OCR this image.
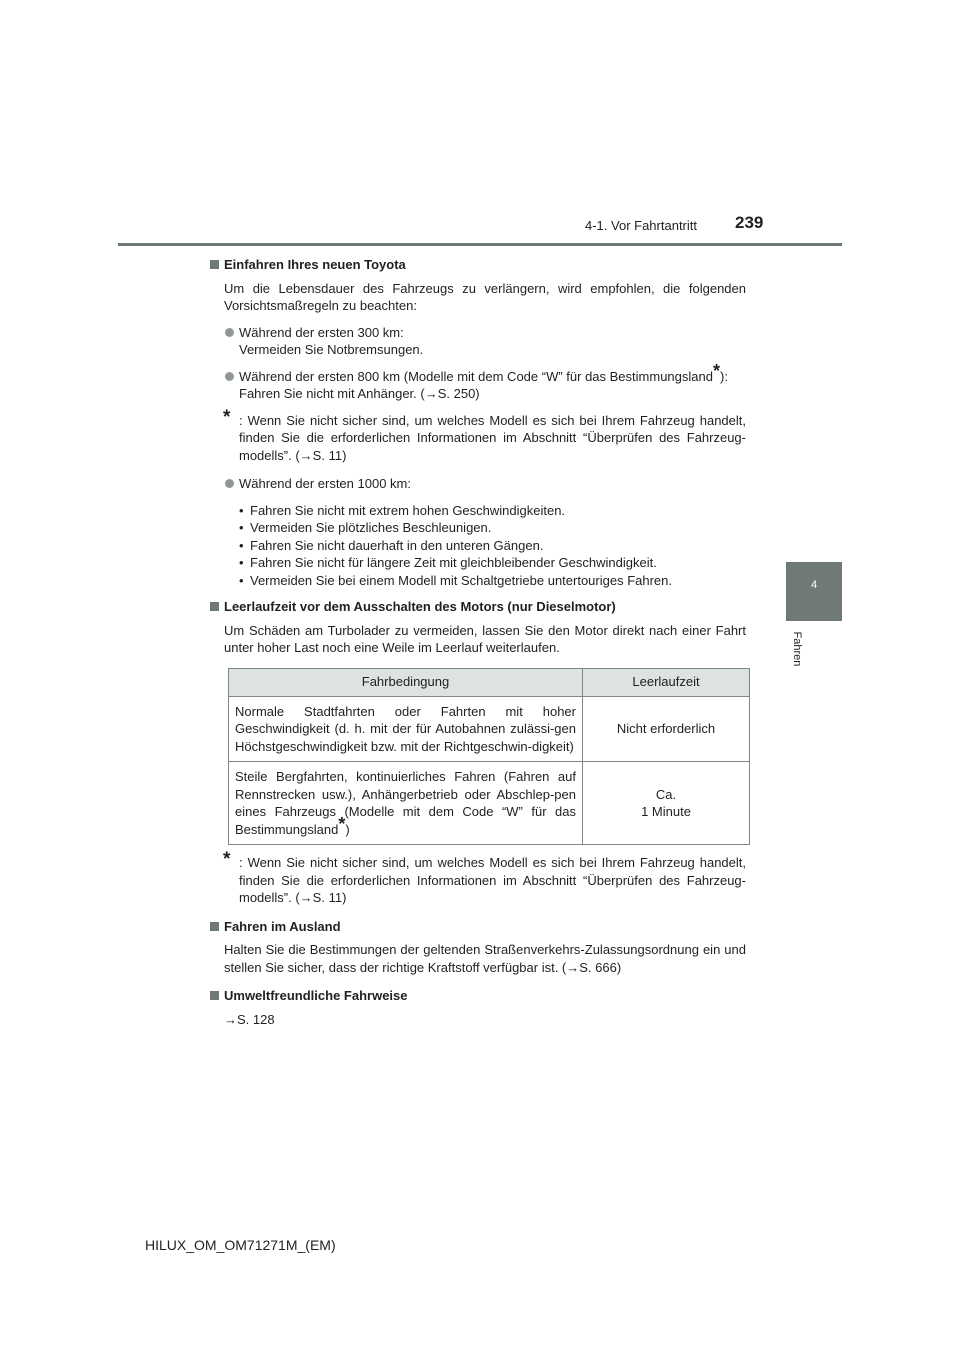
4-1. Vor Fahrtantritt 239
4
Fahren
Einfahren Ihres neuen Toyota
Um die Lebensdauer des Fahrzeugs zu verlängern, wird empfohlen, die folgenden Vorsichtsmaßregeln zu beachten:
Während der ersten 300 km:
Vermeiden Sie Notbremsungen.
Während der ersten 800 km (Modelle mit dem Code “W” für das Bestimmungsland*):
Fahren Sie nicht mit Anhänger. (→S. 250)
* : Wenn Sie nicht sicher sind, um welches Modell es sich bei Ihrem Fahrzeug handelt, finden Sie die erforderlichen Informationen im Abschnitt “Überprüfen des Fahrzeug-modells”. (→S. 11)
Während der ersten 1000 km:
• Fahren Sie nicht mit extrem hohen Geschwindigkeiten.
• Vermeiden Sie plötzliches Beschleunigen.
• Fahren Sie nicht dauerhaft in den unteren Gängen.
• Fahren Sie nicht für längere Zeit mit gleichbleibender Geschwindigkeit.
• Vermeiden Sie bei einem Modell mit Schaltgetriebe untertouriges Fahren.
Leerlaufzeit vor dem Ausschalten des Motors (nur Dieselmotor)
Um Schäden am Turbolader zu vermeiden, lassen Sie den Motor direkt nach einer Fahrt unter hoher Last noch eine Weile im Leerlauf weiterlaufen.
Fahrbedingung	Leerlaufzeit
Normale Stadtfahrten oder Fahrten mit hoher Geschwindigkeit (d. h. mit der für Autobahnen zulässi-gen Höchstgeschwindigkeit bzw. mit der Richtgeschwin-digkeit)	Nicht erforderlich
Steile Bergfahrten, kontinuierliches Fahren (Fahren auf Rennstrecken usw.), Anhängerbetrieb oder Abschlep-pen eines Fahrzeugs (Modelle mit dem Code “W” für das Bestimmungsland*)	Ca.
1 Minute
* : Wenn Sie nicht sicher sind, um welches Modell es sich bei Ihrem Fahrzeug handelt, finden Sie die erforderlichen Informationen im Abschnitt “Überprüfen des Fahrzeug-modells”. (→S. 11)
Fahren im Ausland
Halten Sie die Bestimmungen der geltenden Straßenverkehrs-Zulassungsordnung ein und stellen Sie sicher, dass der richtige Kraftstoff verfügbar ist. (→S. 666)
Umweltfreundliche Fahrweise
→S. 128
HILUX_OM_OM71271M_(EM)
